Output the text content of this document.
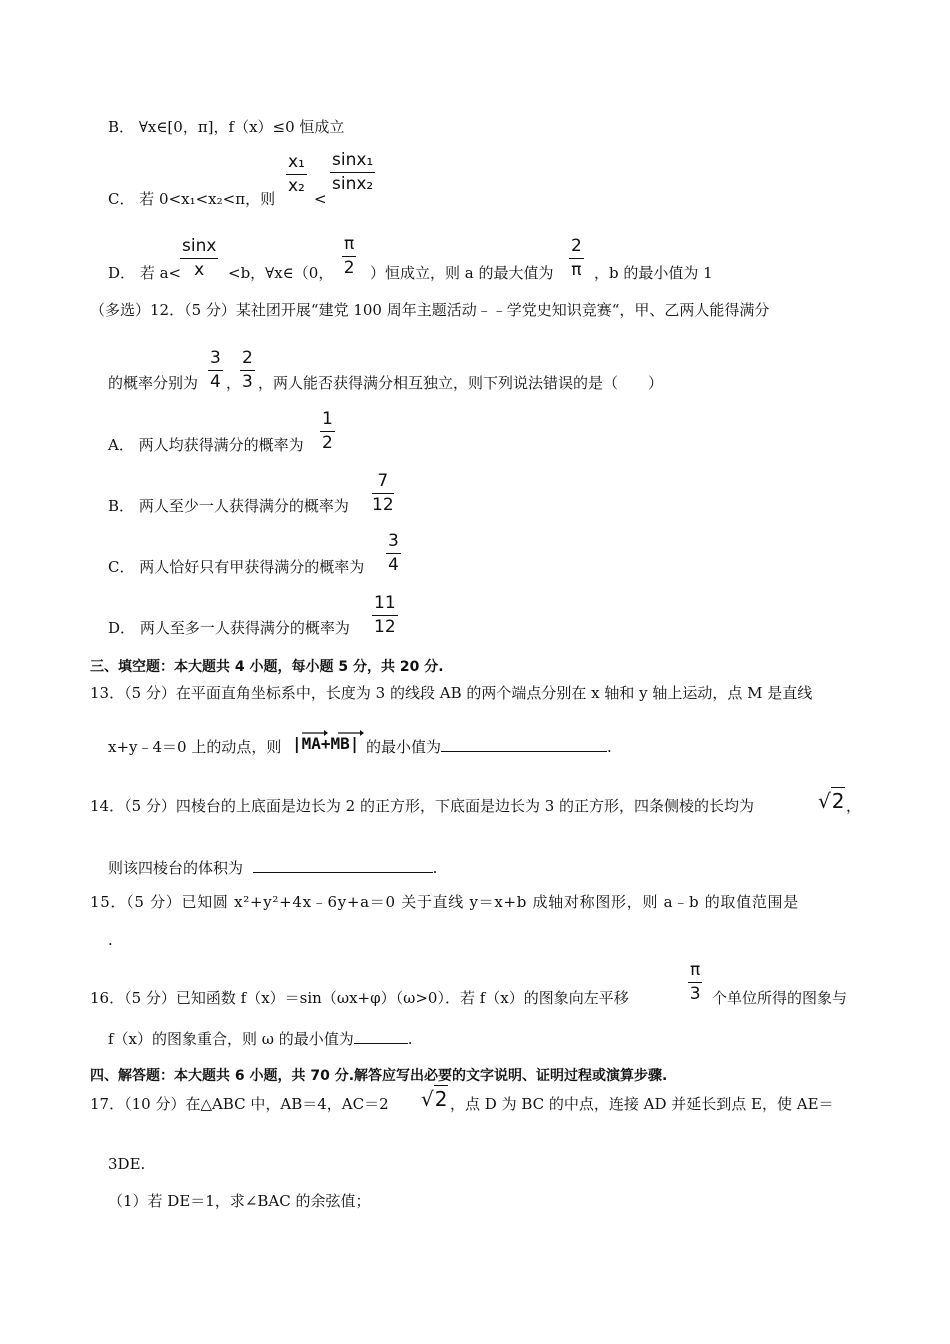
B． ∀x∈[0，π]，f（x）≤0 恒成立
C． 若 0<x₁<x₂<π，则
x₁
x₂
<
sinx₁
sinx₂
D． 若 a<
sinx
x	<b，∀x∈（0，
π
2 ）恒成立，则 a 的最大值为
2
π ，b 的最小值为 1
（多选）12．（5 分）某社团开展“建党 100 周年主题活动﹣﹣学党史知识竞赛“，甲、乙两人能得满分
的概率分别为
3
4 ，
2
3 ，两人能否获得满分相互独立，则下列说法错误的是（　　）
A． 两人均获得满分的概率为
1
2
B． 两人至少一人获得满分的概率为
7
12
C． 两人恰好只有甲获得满分的概率为
3
4
D． 两人至多一人获得满分的概率为
11
12
三、填空题：本大题共 4 小题，每小题 5 分，共 20 分.
13．（5 分）在平面直角坐标系中，长度为 3 的线段 AB 的两个端点分别在 x 轴和 y 轴上运动，点 M 是直线
x+y﹣4＝0 上的动点，则 |MA+MB| 的最小值为	.
14．（5 分）四棱台的上底面是边长为 2 的正方形，下底面是边长为 3 的正方形，四条侧棱的长均为	√2 ，
则该四棱台的体积为	.
15．（5 分）已知圆 x²+y²+4x﹣6y+a＝0 关于直线 y＝x+b 成轴对称图形，则 a﹣b 的取值范围是
.
16．（5 分）已知函数 f（x）＝sin（ωx+φ）（ω>0）．若 f（x）的图象向左平移
π
3 个单位所得的图象与
f（x）的图象重合，则 ω 的最小值为	.
四、解答题：本大题共 6 小题，共 70 分.解答应写出必要的文字说明、证明过程或演算步骤.
17．（10 分）在△ABC 中，AB＝4，AC＝2 √2 ，点 D 为 BC 的中点，连接 AD 并延长到点 E，使 AE＝
3DE.
（1）若 DE＝1，求∠BAC 的余弦值；
